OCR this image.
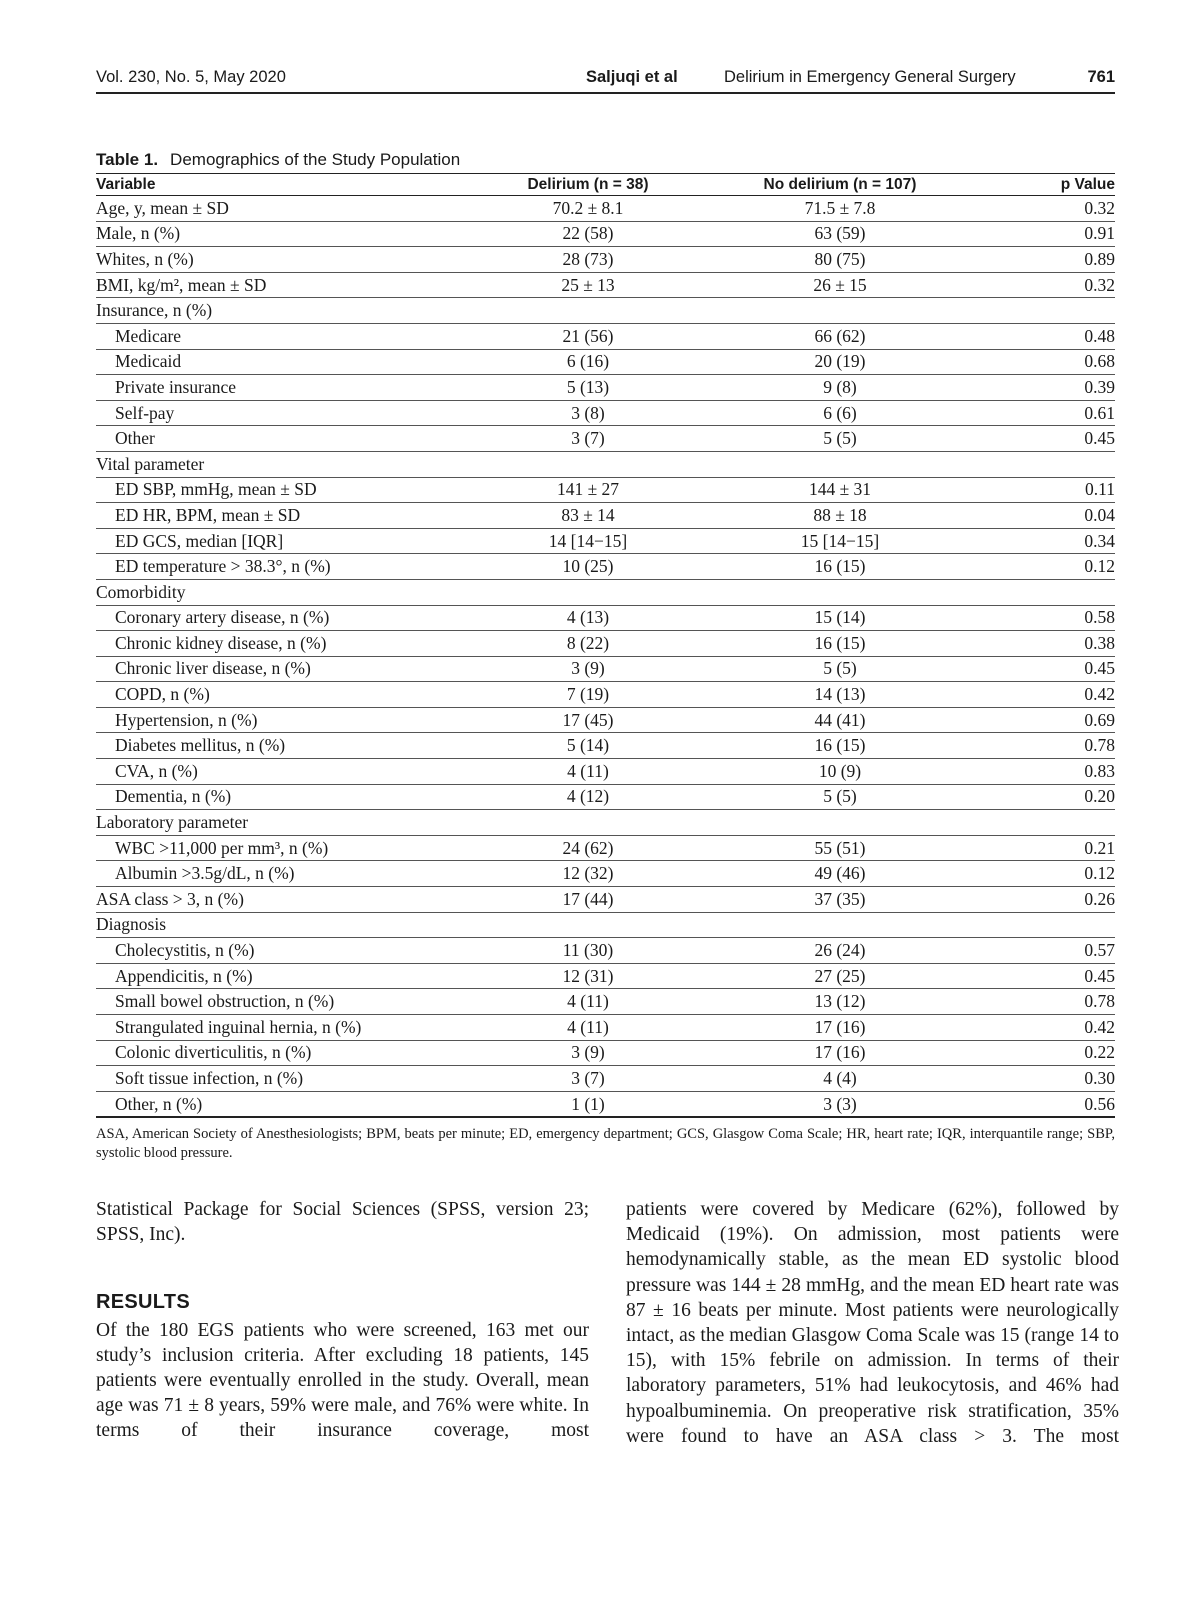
Vol. 230, No. 5, May 2020	Saljuqi et al	Delirium in Emergency General Surgery	761
Table 1. Demographics of the Study Population
Variable	Delirium (n = 38)	No delirium (n = 107)	p Value
Age, y, mean ± SD	70.2 ± 8.1	71.5 ± 7.8	0.32
Male, n (%)	22 (58)	63 (59)	0.91
Whites, n (%)	28 (73)	80 (75)	0.89
BMI, kg/m², mean ± SD	25 ± 13	26 ± 15	0.32
Insurance, n (%)			
Medicare	21 (56)	66 (62)	0.48
Medicaid	6 (16)	20 (19)	0.68
Private insurance	5 (13)	9 (8)	0.39
Self-pay	3 (8)	6 (6)	0.61
Other	3 (7)	5 (5)	0.45
Vital parameter			
ED SBP, mmHg, mean ± SD	141 ± 27	144 ± 31	0.11
ED HR, BPM, mean ± SD	83 ± 14	88 ± 18	0.04
ED GCS, median [IQR]	14 [14−15]	15 [14−15]	0.34
ED temperature > 38.3°, n (%)	10 (25)	16 (15)	0.12
Comorbidity			
Coronary artery disease, n (%)	4 (13)	15 (14)	0.58
Chronic kidney disease, n (%)	8 (22)	16 (15)	0.38
Chronic liver disease, n (%)	3 (9)	5 (5)	0.45
COPD, n (%)	7 (19)	14 (13)	0.42
Hypertension, n (%)	17 (45)	44 (41)	0.69
Diabetes mellitus, n (%)	5 (14)	16 (15)	0.78
CVA, n (%)	4 (11)	10 (9)	0.83
Dementia, n (%)	4 (12)	5 (5)	0.20
Laboratory parameter			
WBC >11,000 per mm³, n (%)	24 (62)	55 (51)	0.21
Albumin >3.5g/dL, n (%)	12 (32)	49 (46)	0.12
ASA class > 3, n (%)	17 (44)	37 (35)	0.26
Diagnosis			
Cholecystitis, n (%)	11 (30)	26 (24)	0.57
Appendicitis, n (%)	12 (31)	27 (25)	0.45
Small bowel obstruction, n (%)	4 (11)	13 (12)	0.78
Strangulated inguinal hernia, n (%)	4 (11)	17 (16)	0.42
Colonic diverticulitis, n (%)	3 (9)	17 (16)	0.22
Soft tissue infection, n (%)	3 (7)	4 (4)	0.30
Other, n (%)	1 (1)	3 (3)	0.56
ASA, American Society of Anesthesiologists; BPM, beats per minute; ED, emergency department; GCS, Glasgow Coma Scale; HR, heart rate; IQR, interquantile range; SBP, systolic blood pressure.

Statistical Package for Social Sciences (SPSS, version 23; SPSS, Inc).

RESULTS

Of the 180 EGS patients who were screened, 163 met our study’s inclusion criteria. After excluding 18 patients, 145 patients were eventually enrolled in the study. Overall, mean age was 71 ± 8 years, 59% were male, and 76% were white. In terms of their insurance coverage, most

patients were covered by Medicare (62%), followed by Medicaid (19%). On admission, most patients were hemodynamically stable, as the mean ED systolic blood pressure was 144 ± 28 mmHg, and the mean ED heart rate was 87 ± 16 beats per minute. Most patients were neurologically intact, as the median Glasgow Coma Scale was 15 (range 14 to 15), with 15% febrile on admission. In terms of their laboratory parameters, 51% had leukocytosis, and 46% had hypoalbuminemia. On preoperative risk stratification, 35% were found to have an ASA class > 3. The most
